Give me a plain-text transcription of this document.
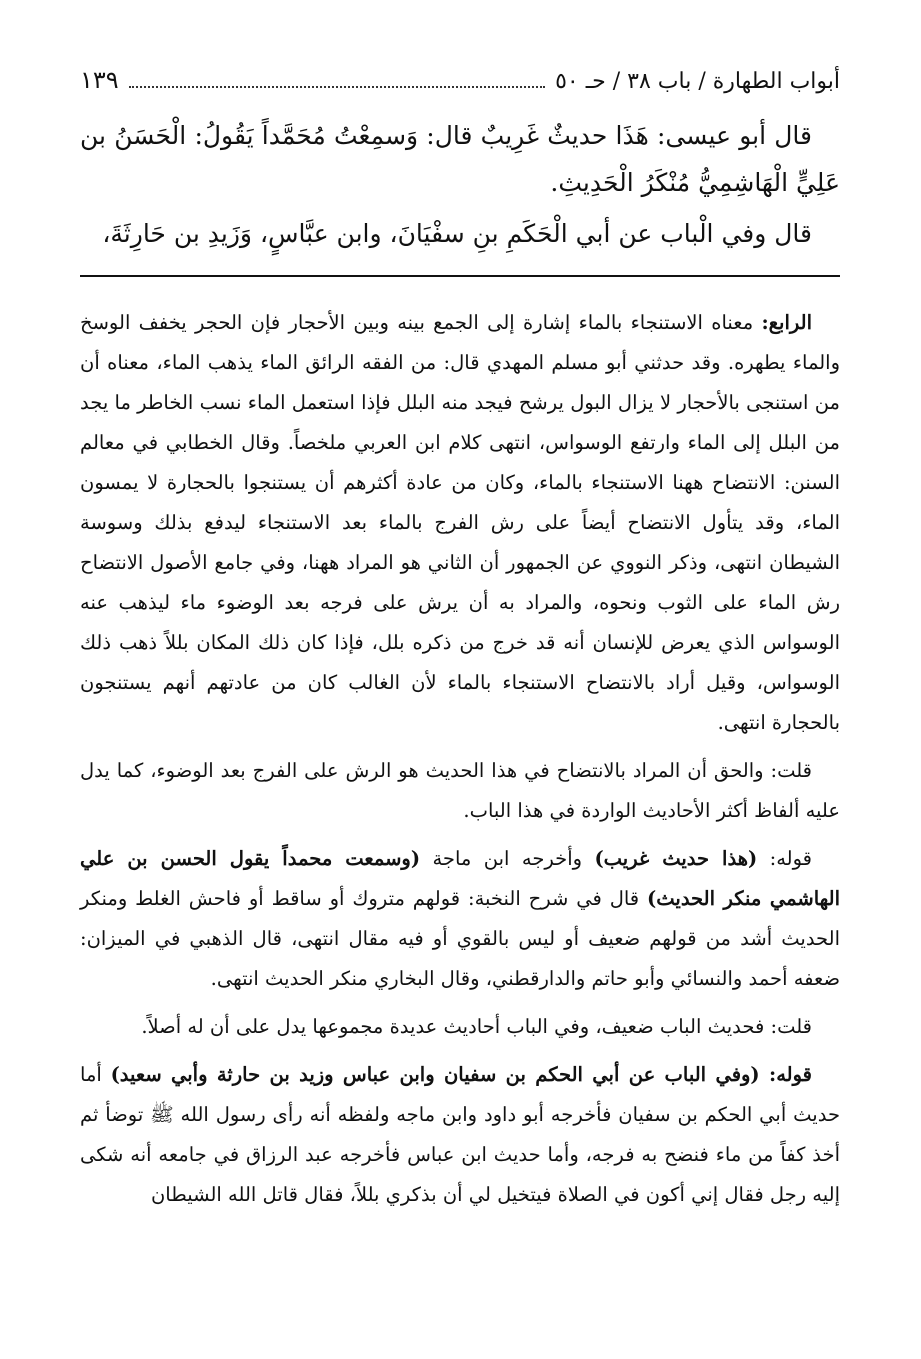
أبواب الطهارة / باب ٣٨ / حـ ٥٠
١٣٩

قال أبو عيسى: هَذَا حديثٌ غَرِيبٌ قال: وَسمِعْتُ مُحَمَّداً يَقُولُ: الْحَسَنُ بن عَلِيٍّ الْهَاشِمِيُّ مُنْكَرُ الْحَدِيثِ.

قال وفي الْباب عن أبي الْحَكَمِ بنِ سفْيَانَ، وابن عبَّاسٍ، وَزَيدِ بن حَارِثَةَ،

الرابع: معناه الاستنجاء بالماء إشارة إلى الجمع بينه وبين الأحجار فإن الحجر يخفف الوسخ والماء يطهره. وقد حدثني أبو مسلم المهدي قال: من الفقه الرائق الماء يذهب الماء، معناه أن من استنجى بالأحجار لا يزال البول يرشح فيجد منه البلل فإذا استعمل الماء نسب الخاطر ما يجد من البلل إلى الماء وارتفع الوسواس، انتهى كلام ابن العربي ملخصاً. وقال الخطابي في معالم السنن: الانتضاح ههنا الاستنجاء بالماء، وكان من عادة أكثرهم أن يستنجوا بالحجارة لا يمسون الماء، وقد يتأول الانتضاح أيضاً على رش الفرج بالماء بعد الاستنجاء ليدفع بذلك وسوسة الشيطان انتهى، وذكر النووي عن الجمهور أن الثاني هو المراد ههنا، وفي جامع الأصول الانتضاح رش الماء على الثوب ونحوه، والمراد به أن يرش على فرجه بعد الوضوء ماء ليذهب عنه الوسواس الذي يعرض للإنسان أنه قد خرج من ذكره بلل، فإذا كان ذلك المكان بللاً ذهب ذلك الوسواس، وقيل أراد بالانتضاح الاستنجاء بالماء لأن الغالب كان من عادتهم أنهم يستنجون بالحجارة انتهى.

قلت: والحق أن المراد بالانتضاح في هذا الحديث هو الرش على الفرج بعد الوضوء، كما يدل عليه ألفاظ أكثر الأحاديث الواردة في هذا الباب.

قوله: (هذا حديث غريب) وأخرجه ابن ماجة (وسمعت محمداً يقول الحسن بن علي الهاشمي منكر الحديث) قال في شرح النخبة: قولهم متروك أو ساقط أو فاحش الغلط ومنكر الحديث أشد من قولهم ضعيف أو ليس بالقوي أو فيه مقال انتهى، قال الذهبي في الميزان: ضعفه أحمد والنسائي وأبو حاتم والدارقطني، وقال البخاري منكر الحديث انتهى.

قلت: فحديث الباب ضعيف، وفي الباب أحاديث عديدة مجموعها يدل على أن له أصلاً.

قوله: (وفي الباب عن أبي الحكم بن سفيان وابن عباس وزيد بن حارثة وأبي سعيد) أما حديث أبي الحكم بن سفيان فأخرجه أبو داود وابن ماجه ولفظه أنه رأى رسول الله ﷺ توضأ ثم أخذ كفاً من ماء فنضح به فرجه، وأما حديث ابن عباس فأخرجه عبد الرزاق في جامعه أنه شكى إليه رجل فقال إني أكون في الصلاة فيتخيل لي أن بذكري بللاً، فقال قاتل الله الشيطان
